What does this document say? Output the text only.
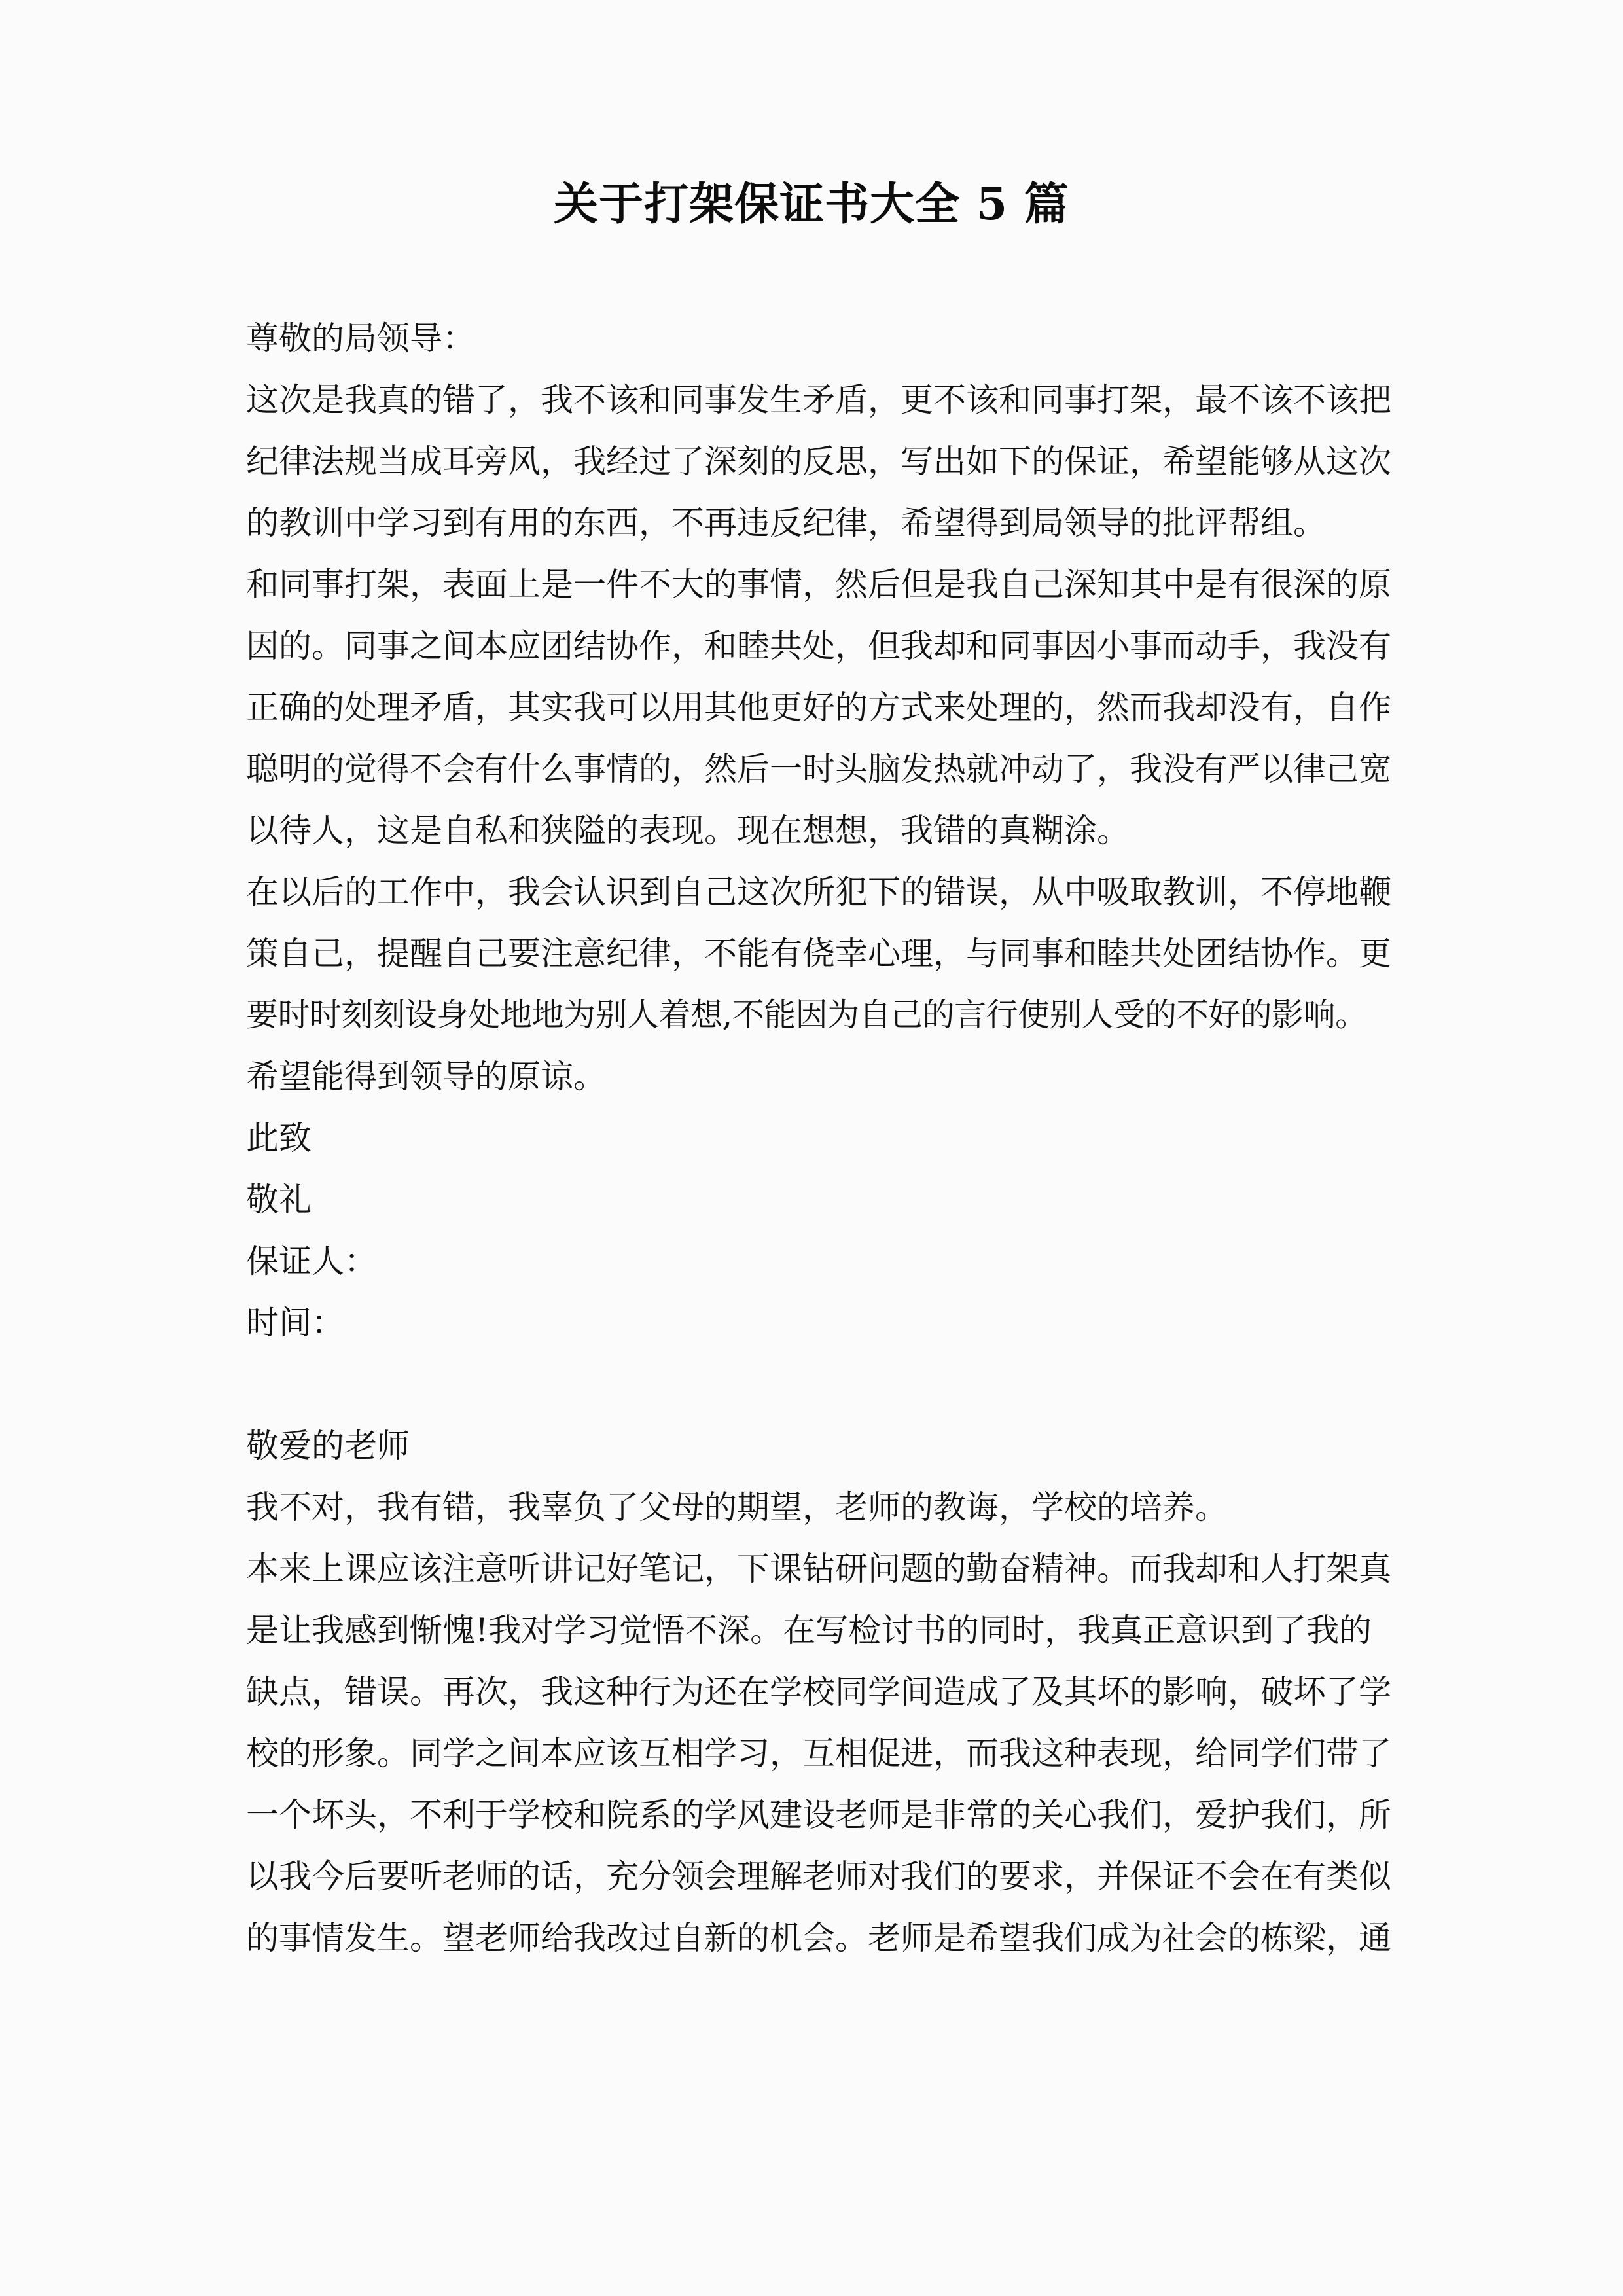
关于打架保证书大全 5 篇
尊敬的局领导：
这次是我真的错了，我不该和同事发生矛盾，更不该和同事打架，最不该不该把
纪律法规当成耳旁风，我经过了深刻的反思，写出如下的保证，希望能够从这次
的教训中学习到有用的东西，不再违反纪律，希望得到局领导的批评帮组。
和同事打架，表面上是一件不大的事情，然后但是我自己深知其中是有很深的原
因的。同事之间本应团结协作，和睦共处，但我却和同事因小事而动手，我没有
正确的处理矛盾，其实我可以用其他更好的方式来处理的，然而我却没有，自作
聪明的觉得不会有什么事情的，然后一时头脑发热就冲动了，我没有严以律己宽
以待人，这是自私和狭隘的表现。现在想想，我错的真糊涂。
在以后的工作中，我会认识到自己这次所犯下的错误，从中吸取教训，不停地鞭
策自己，提醒自己要注意纪律，不能有侥幸心理，与同事和睦共处团结协作。更
要时时刻刻设身处地地为别人着想,不能因为自己的言行使别人受的不好的影响。
希望能得到领导的原谅。
此致
敬礼
保证人：
时间：
敬爱的老师
我不对，我有错，我辜负了父母的期望，老师的教诲，学校的培养。
本来上课应该注意听讲记好笔记，下课钻研问题的勤奋精神。而我却和人打架真
是让我感到惭愧!我对学习觉悟不深。在写检讨书的同时，我真正意识到了我的
缺点，错误。再次，我这种行为还在学校同学间造成了及其坏的影响，破坏了学
校的形象。同学之间本应该互相学习，互相促进，而我这种表现，给同学们带了
一个坏头，不利于学校和院系的学风建设老师是非常的关心我们，爱护我们，所
以我今后要听老师的话，充分领会理解老师对我们的要求，并保证不会在有类似
的事情发生。望老师给我改过自新的机会。老师是希望我们成为社会的栋梁，通
